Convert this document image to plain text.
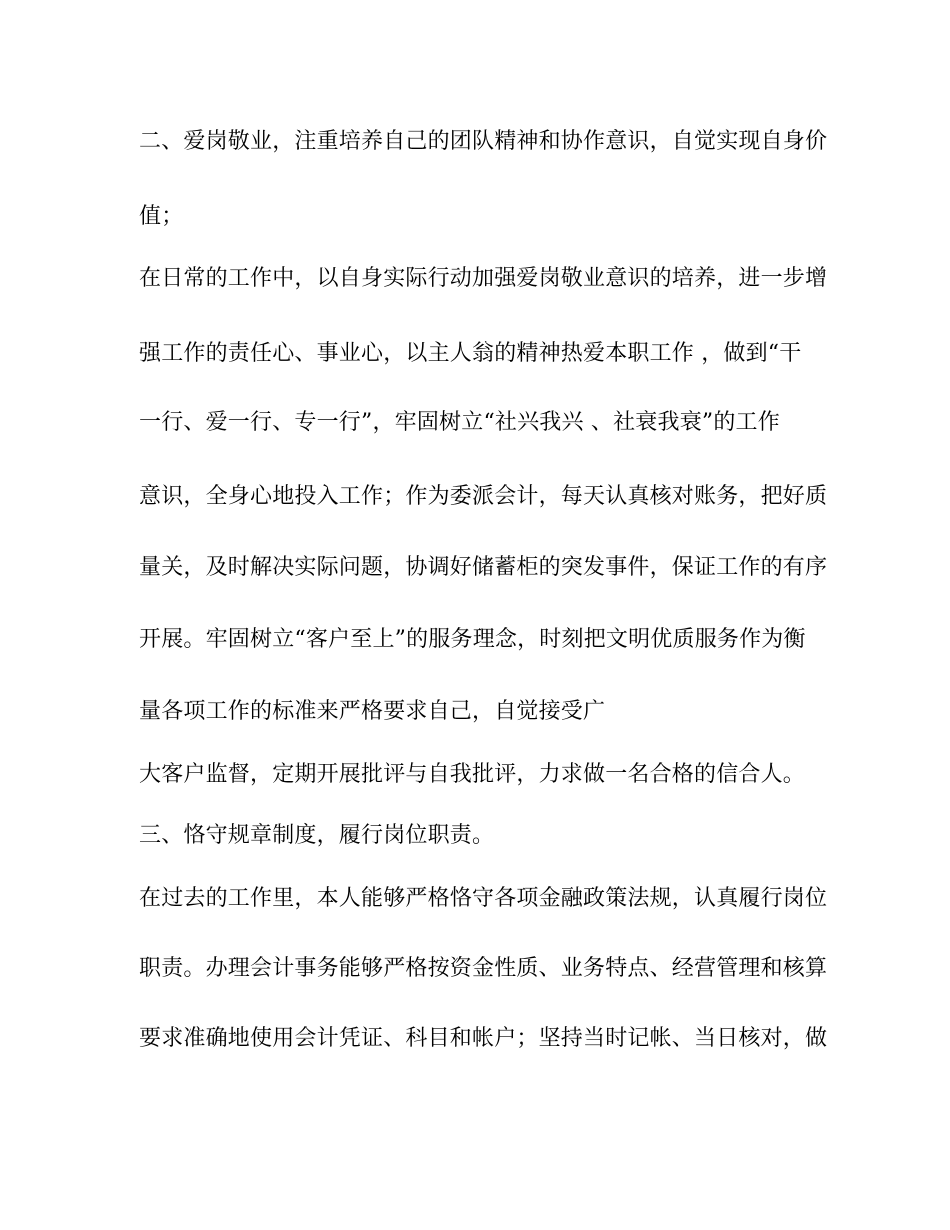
二、爱岗敬业，注重培养自己的团队精神和协作意识，自觉实现自身价
值；
在日常的工作中，以自身实际行动加强爱岗敬业意识的培养，进一步增
强工作的责任心、事业心，以主人翁的精神热爱本职工作 ，做到“干
一行、爱一行、专一行”，牢固树立“社兴我兴 、社衰我衰”的工作
意识，全身心地投入工作；作为委派会计，每天认真核对账务，把好质
量关，及时解决实际问题，协调好储蓄柜的突发事件，保证工作的有序
开展。牢固树立“客户至上”的服务理念，时刻把文明优质服务作为衡
量各项工作的标准来严格要求自己，自觉接受广
大客户监督，定期开展批评与自我批评，力求做一名合格的信合人。
三、恪守规章制度，履行岗位职责。
在过去的工作里，本人能够严格恪守各项金融政策法规，认真履行岗位
职责。办理会计事务能够严格按资金性质、业务特点、经营管理和核算
要求准确地使用会计凭证、科目和帐户；坚持当时记帐、当日核对，做
